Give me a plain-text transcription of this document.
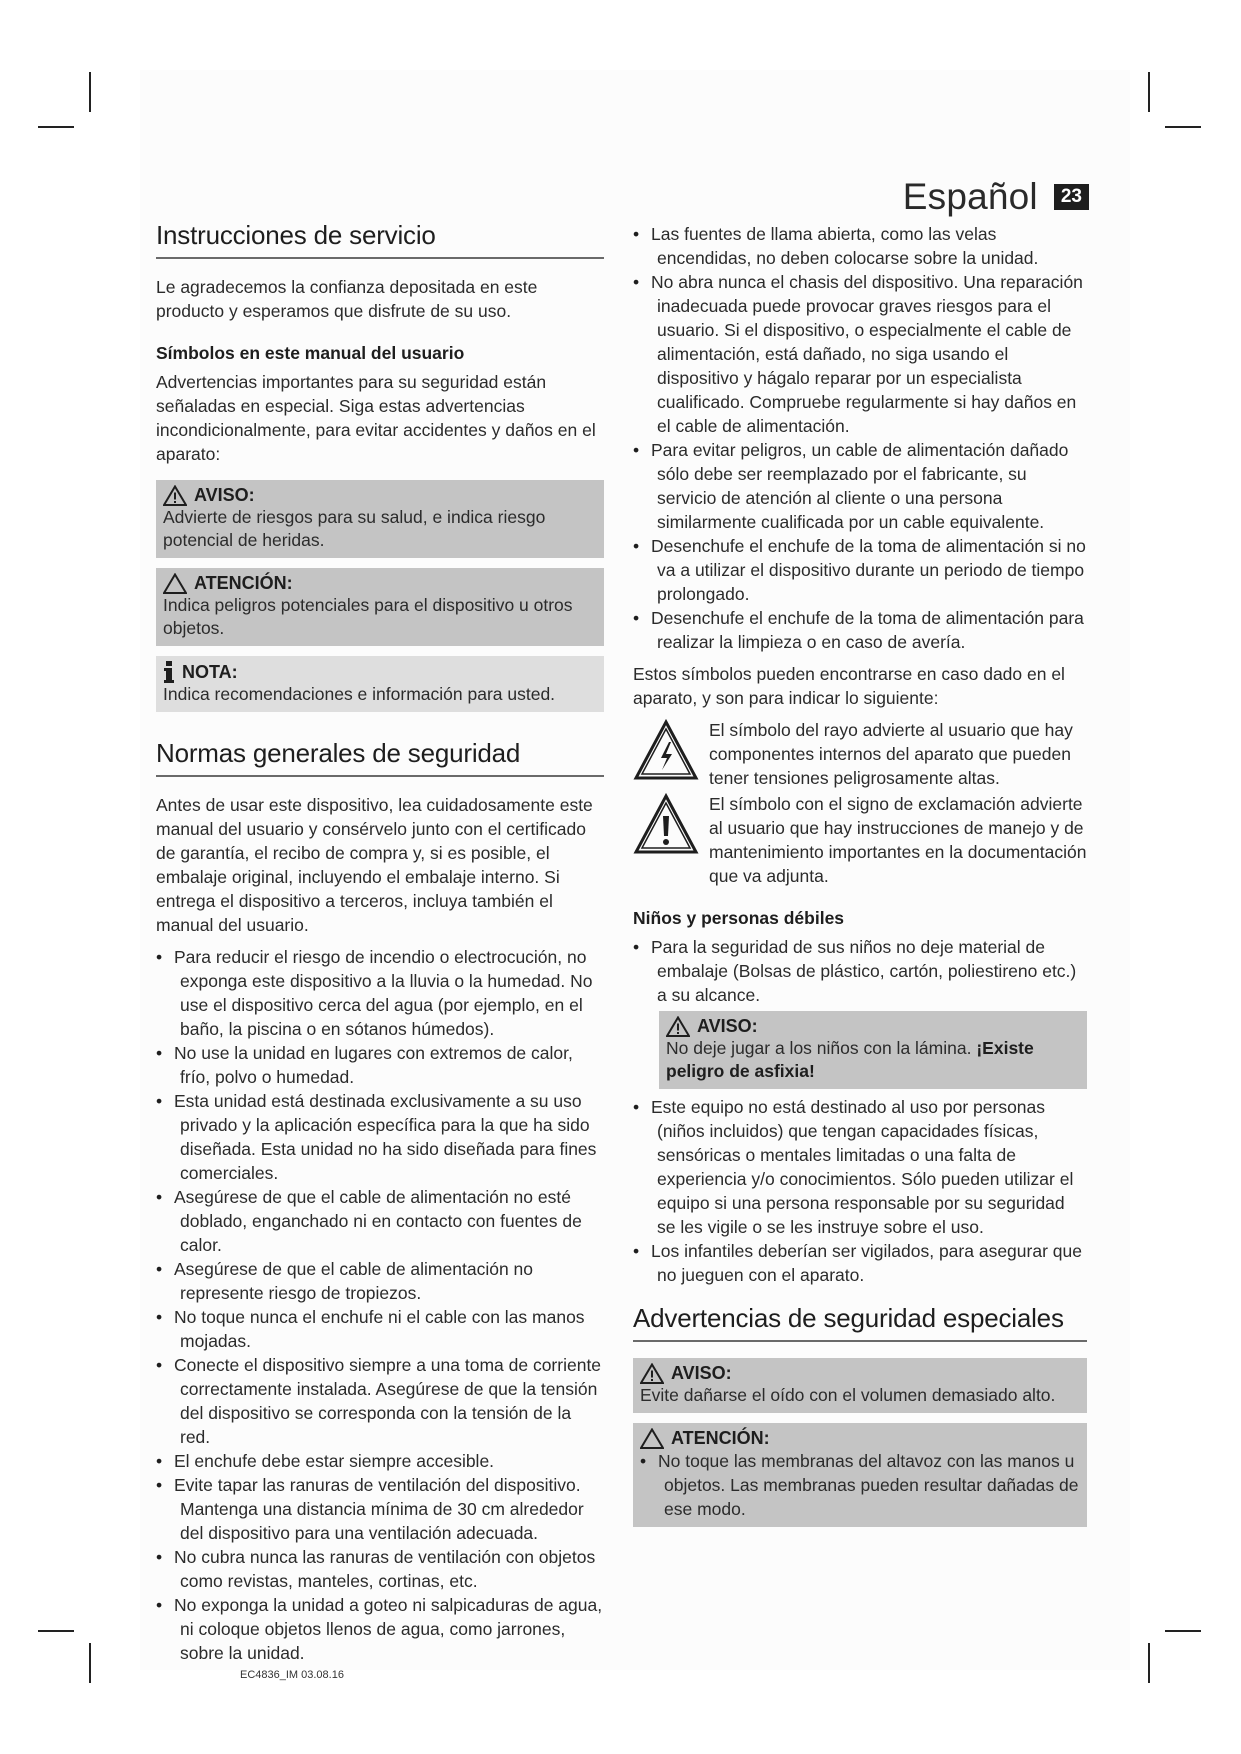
Español	23
Instrucciones de servicio

Le agradecemos la confianza depositada en este producto y esperamos que disfrute de su uso.

Símbolos en este manual del usuario

Advertencias importantes para su seguridad están señaladas en especial. Siga estas advertencias incondicionalmente, para evitar accidentes y daños en el aparato:

AVISO:
Advierte de riesgos para su salud, e indica riesgo potencial de heridas.
ATENCIÓN:
Indica peligros potenciales para el dispositivo u otros objetos.
NOTA:
Indica recomendaciones e información para usted.
Normas generales de seguridad

Antes de usar este dispositivo, lea cuidadosamente este manual del usuario y consérvelo junto con el certificado de garantía, el recibo de compra y, si es posible, el embalaje original, incluyendo el embalaje interno. Si entrega el dispositivo a terceros, incluya también el manual del usuario.

• Para reducir el riesgo de incendio o electrocución, no exponga este dispositivo a la lluvia o la humedad. No use el dispositivo cerca del agua (por ejemplo, en el baño, la piscina o en sótanos húmedos).
• No use la unidad en lugares con extremos de calor, frío, polvo o humedad.
• Esta unidad está destinada exclusivamente a su uso privado y la aplicación específica para la que ha sido diseñada. Esta unidad no ha sido diseñada para fines comerciales.
• Asegúrese de que el cable de alimentación no esté doblado, enganchado ni en contacto con fuentes de calor.
• Asegúrese de que el cable de alimentación no represente riesgo de tropiezos.
• No toque nunca el enchufe ni el cable con las manos mojadas.
• Conecte el dispositivo siempre a una toma de corriente correctamente instalada. Asegúrese de que la tensión del dispositivo se corresponda con la tensión de la red.
• El enchufe debe estar siempre accesible.
• Evite tapar las ranuras de ventilación del dispositivo. Mantenga una distancia mínima de 30 cm alrededor del dispositivo para una ventilación adecuada.
• No cubra nunca las ranuras de ventilación con objetos como revistas, manteles, cortinas, etc.
• No exponga la unidad a goteo ni salpicaduras de agua, ni coloque objetos llenos de agua, como jarrones, sobre la unidad.
• Las fuentes de llama abierta, como las velas encendidas, no deben colocarse sobre la unidad.
• No abra nunca el chasis del dispositivo. Una reparación inadecuada puede provocar graves riesgos para el usuario. Si el dispositivo, o especialmente el cable de alimentación, está dañado, no siga usando el dispositivo y hágalo reparar por un especialista cualificado. Compruebe regularmente si hay daños en el cable de alimentación.
• Para evitar peligros, un cable de alimentación dañado sólo debe ser reemplazado por el fabricante, su servicio de atención al cliente o una persona similarmente cualificada por un cable equivalente.
• Desenchufe el enchufe de la toma de alimentación si no va a utilizar el dispositivo durante un periodo de tiempo prolongado.
• Desenchufe el enchufe de la toma de alimentación para realizar la limpieza o en caso de avería.

Estos símbolos pueden encontrarse en caso dado en el aparato, y son para indicar lo siguiente:

El símbolo del rayo advierte al usuario que hay componentes internos del aparato que pueden tener tensiones peligrosamente altas.

El símbolo con el signo de exclamación advierte al usuario que hay instrucciones de manejo y de mantenimiento importantes en la documentación que va adjunta.

Niños y personas débiles
• Para la seguridad de sus niños no deje material de embalaje (Bolsas de plástico, cartón, poliestireno etc.) a su alcance.
AVISO:
No deje jugar a los niños con la lámina. ¡Existe peligro de asfixia!
• Este equipo no está destinado al uso por personas (niños incluidos) que tengan capacidades físicas, sensóricas o mentales limitadas o una falta de experiencia y/o conocimientos. Sólo pueden utilizar el equipo si una persona responsable por su seguridad se les vigile o se les instruye sobre el uso.
• Los infantiles deberían ser vigilados, para asegurar que no jueguen con el aparato.
Advertencias de seguridad especiales
AVISO:
Evite dañarse el oído con el volumen demasiado alto.
ATENCIÓN:
• No toque las membranas del altavoz con las manos u objetos. Las membranas pueden resultar dañadas de ese modo.
EC4836_IM 03.08.16
